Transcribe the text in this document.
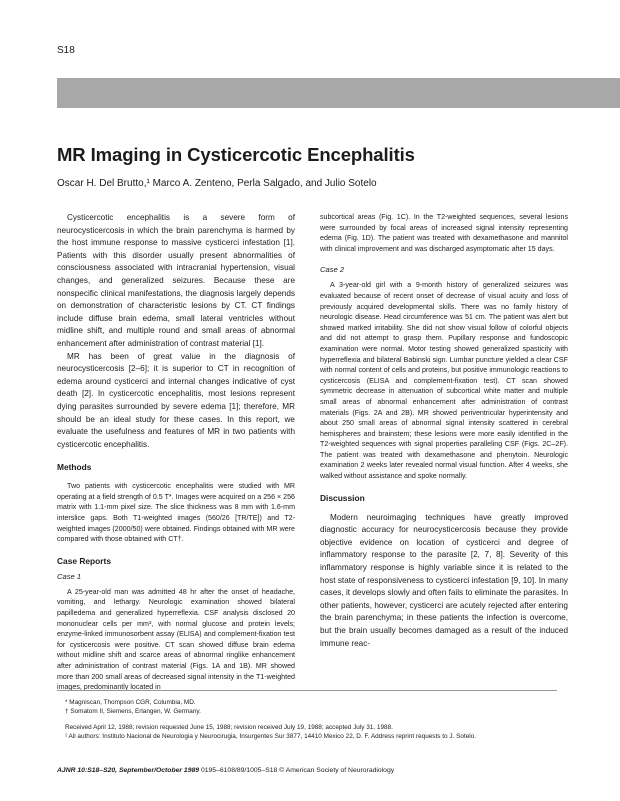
S18
MR Imaging in Cysticercotic Encephalitis
Oscar H. Del Brutto,¹ Marco A. Zenteno, Perla Salgado, and Julio Sotelo

Cysticercotic encephalitis is a severe form of neurocysticercosis in which the brain parenchyma is harmed by the host immune response to massive cysticerci infestation [1]. Patients with this disorder usually present abnormalities of consciousness associated with intracranial hypertension, visual changes, and generalized seizures. Because these are nonspecific clinical manifestations, the diagnosis largely depends on demonstration of characteristic lesions by CT. CT findings include diffuse brain edema, small lateral ventricles without midline shift, and multiple round and small areas of abnormal enhancement after administration of contrast material [1].

MR has been of great value in the diagnosis of neurocysticercosis [2–6]; it is superior to CT in recognition of edema around cysticerci and internal changes indicative of cyst death [2]. In cysticercotic encephalitis, most lesions represent dying parasites surrounded by severe edema [1]; therefore, MR should be an ideal study for these cases. In this report, we evaluate the usefulness and features of MR in two patients with cysticercotic encephalitis.

Methods

Two patients with cysticercotic encephalitis were studied with MR operating at a field strength of 0.5 T*. Images were acquired on a 256 × 256 matrix with 1.1-mm pixel size. The slice thickness was 8 mm with 1.6-mm interslice gaps. Both T1-weighted images (560/26 [TR/TE]) and T2-weighted images (2000/50) were obtained. Findings obtained with MR were compared with those obtained with CT†.

Case Reports
Case 1

A 25-year-old man was admitted 48 hr after the onset of headache, vomiting, and lethargy. Neurologic examination showed bilateral papilledema and generalized hyperreflexia. CSF analysis disclosed 20 mononuclear cells per mm³, with normal glucose and protein levels; enzyme-linked immunosorbent assay (ELISA) and complement-fixation test for cysticercosis were positive. CT scan showed diffuse brain edema without midline shift and scarce areas of abnormal ringlike enhancement after administration of contrast material (Figs. 1A and 1B). MR showed more than 200 small areas of decreased signal intensity in the T1-weighted images, predominantly located in

subcortical areas (Fig. 1C). In the T2-weighted sequences, several lesions were surrounded by focal areas of increased signal intensity representing edema (Fig. 1D). The patient was treated with dexamethasone and mannitol with clinical improvement and was discharged asymptomatic after 15 days.

Case 2

A 3-year-old girl with a 9-month history of generalized seizures was evaluated because of recent onset of decrease of visual acuity and loss of previously acquired developmental skills. There was no family history of neurologic disease. Head circumference was 51 cm. The patient was alert but showed marked irritability. She did not show visual follow of colorful objects and did not attempt to grasp them. Pupillary response and fundoscopic examination were normal. Motor testing showed generalized spasticity with hyperreflexia and bilateral Babinski sign. Lumbar puncture yielded a clear CSF with normal content of cells and proteins, but positive immunologic reactions to cysticercosis (ELISA and complement-fixation test). CT scan showed symmetric decrease in attenuation of subcortical white matter and multiple small areas of abnormal enhancement after administration of contrast materials (Figs. 2A and 2B). MR showed periventricular hyperintensity and about 250 small areas of abnormal signal intensity scattered in cerebral hemispheres and brainstem; these lesions were more easily identified in the T2-weighted sequences with signal properties paralleling CSF (Figs. 2C–2F). The patient was treated with dexamethasone and phenytoin. Neurologic examination 2 weeks later revealed normal visual function. After 4 weeks, she walked without assistance and spoke normally.

Discussion

Modern neuroimaging techniques have greatly improved diagnostic accuracy for neurocysticercosis because they provide objective evidence on location of cysticerci and degree of inflammatory response to the parasite [2, 7, 8]. Severity of this inflammatory response is highly variable since it is related to the host state of responsiveness to cysticerci infestation [9, 10]. In many cases, it develops slowly and often fails to eliminate the parasites. In other patients, however, cysticerci are acutely rejected after entering the brain parenchyma; in these patients the infection is overcome, but the brain usually becomes damaged as a result of the induced immune reac-

* Magniscan, Thompson CGR, Columbia, MD.
† Somatom II, Siemens, Erlangen, W. Germany.
Received April 12, 1988; revision requested June 15, 1988; revision received July 19, 1988; accepted July 31, 1988.
¹ All authors: Instituto Nacional de Neurologia y Neurocirugia, Insurgentes Sur 3877, 14410 Mexico 22, D. F. Address reprint requests to J. Sotelo.
AJNR 10:S18–S20, September/October 1989 0195–6108/89/1005–S18 © American Society of Neuroradiology
